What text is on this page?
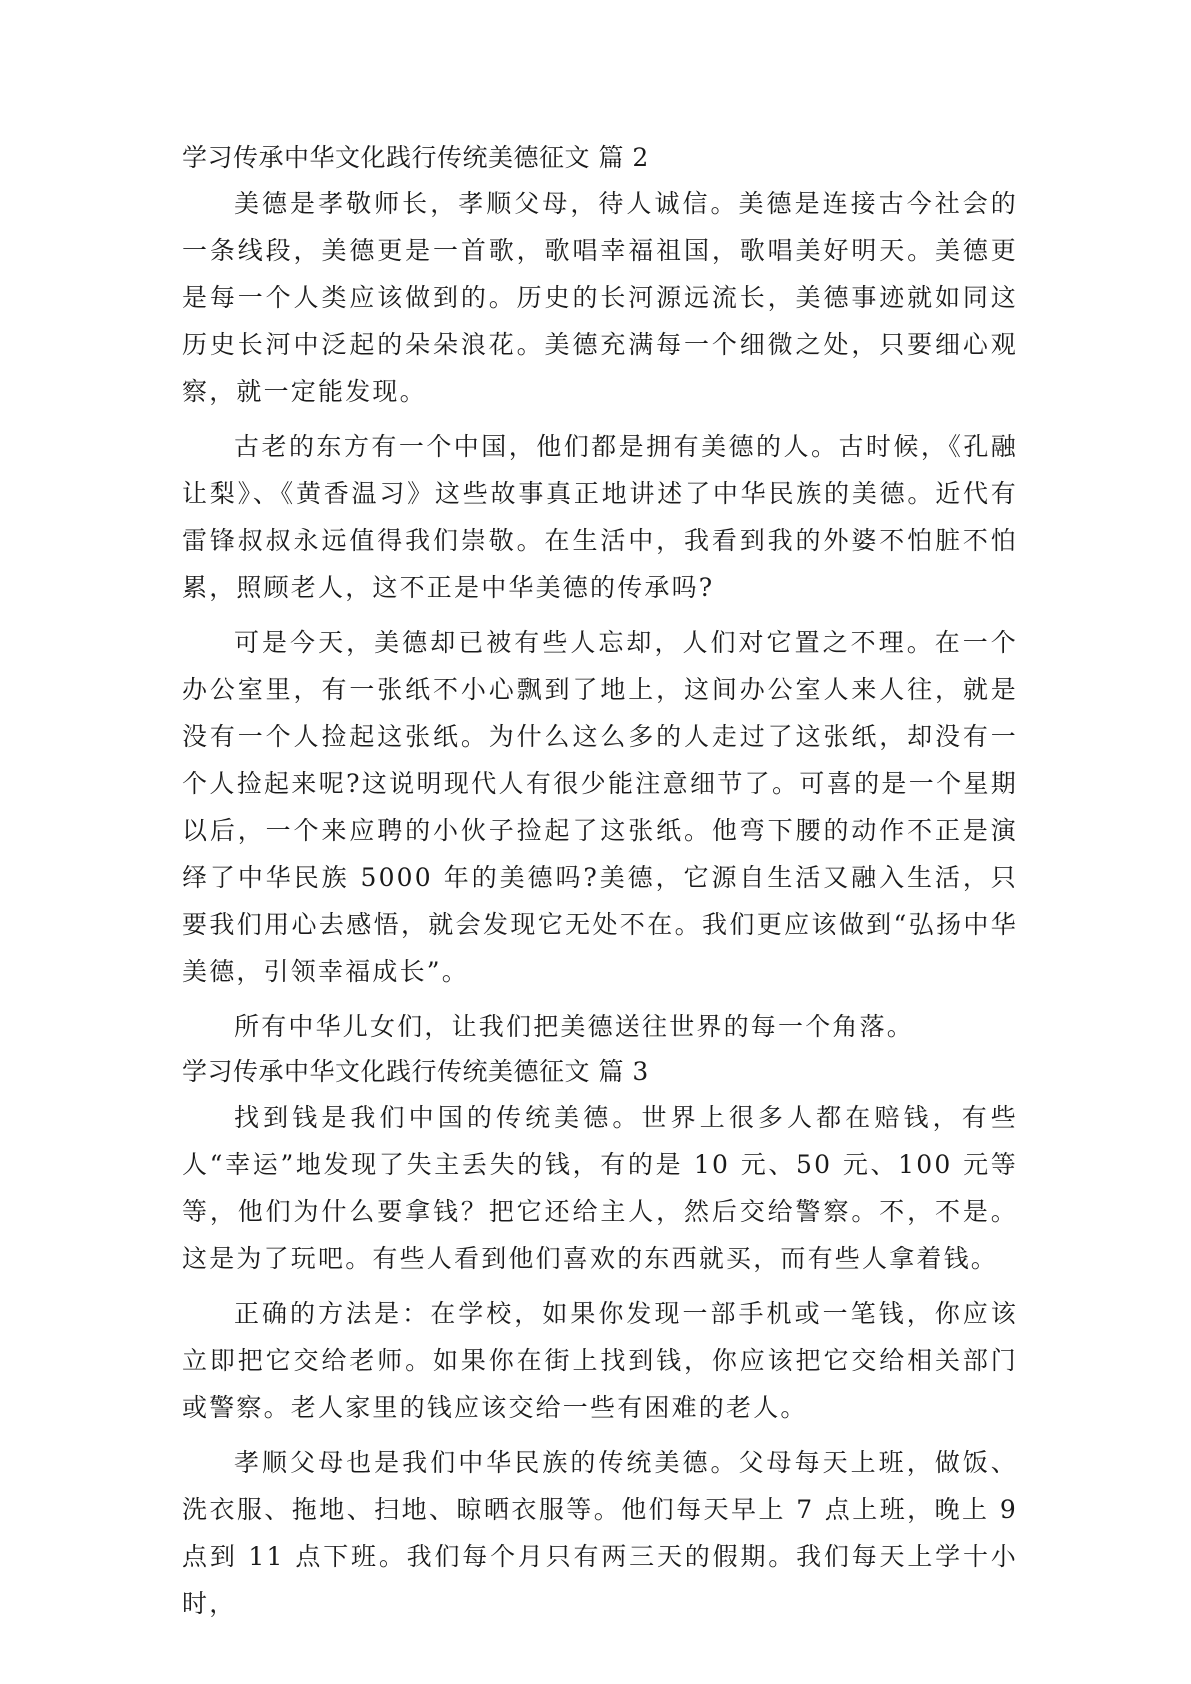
学习传承中华文化践行传统美德征文 篇 2

美德是孝敬师长，孝顺父母，待人诚信。美德是连接古今社会的一条线段，美德更是一首歌，歌唱幸福祖国，歌唱美好明天。美德更是每一个人类应该做到的。历史的长河源远流长，美德事迹就如同这历史长河中泛起的朵朵浪花。美德充满每一个细微之处，只要细心观察，就一定能发现。

古老的东方有一个中国，他们都是拥有美德的人。古时候，《孔融让梨》、《黄香温习》这些故事真正地讲述了中华民族的美德。近代有雷锋叔叔永远值得我们崇敬。在生活中，我看到我的外婆不怕脏不怕累，照顾老人，这不正是中华美德的传承吗?

可是今天，美德却已被有些人忘却，人们对它置之不理。在一个办公室里，有一张纸不小心飘到了地上，这间办公室人来人往，就是没有一个人捡起这张纸。为什么这么多的人走过了这张纸，却没有一个人捡起来呢?这说明现代人有很少能注意细节了。可喜的是一个星期以后，一个来应聘的小伙子捡起了这张纸。他弯下腰的动作不正是演绎了中华民族 5000 年的美德吗?美德，它源自生活又融入生活，只要我们用心去感悟，就会发现它无处不在。我们更应该做到“弘扬中华美德，引领幸福成长”。

所有中华儿女们，让我们把美德送往世界的每一个角落。

学习传承中华文化践行传统美德征文 篇 3

找到钱是我们中国的传统美德。世界上很多人都在赔钱，有些人“幸运”地发现了失主丢失的钱，有的是 10 元、50 元、100 元等等，他们为什么要拿钱？把它还给主人，然后交给警察。不，不是。这是为了玩吧。有些人看到他们喜欢的东西就买，而有些人拿着钱。

正确的方法是：在学校，如果你发现一部手机或一笔钱，你应该立即把它交给老师。如果你在街上找到钱，你应该把它交给相关部门或警察。老人家里的钱应该交给一些有困难的老人。

孝顺父母也是我们中华民族的传统美德。父母每天上班，做饭、洗衣服、拖地、扫地、晾晒衣服等。他们每天早上 7 点上班，晚上 9 点到 11 点下班。我们每个月只有两三天的假期。我们每天上学十小时，
